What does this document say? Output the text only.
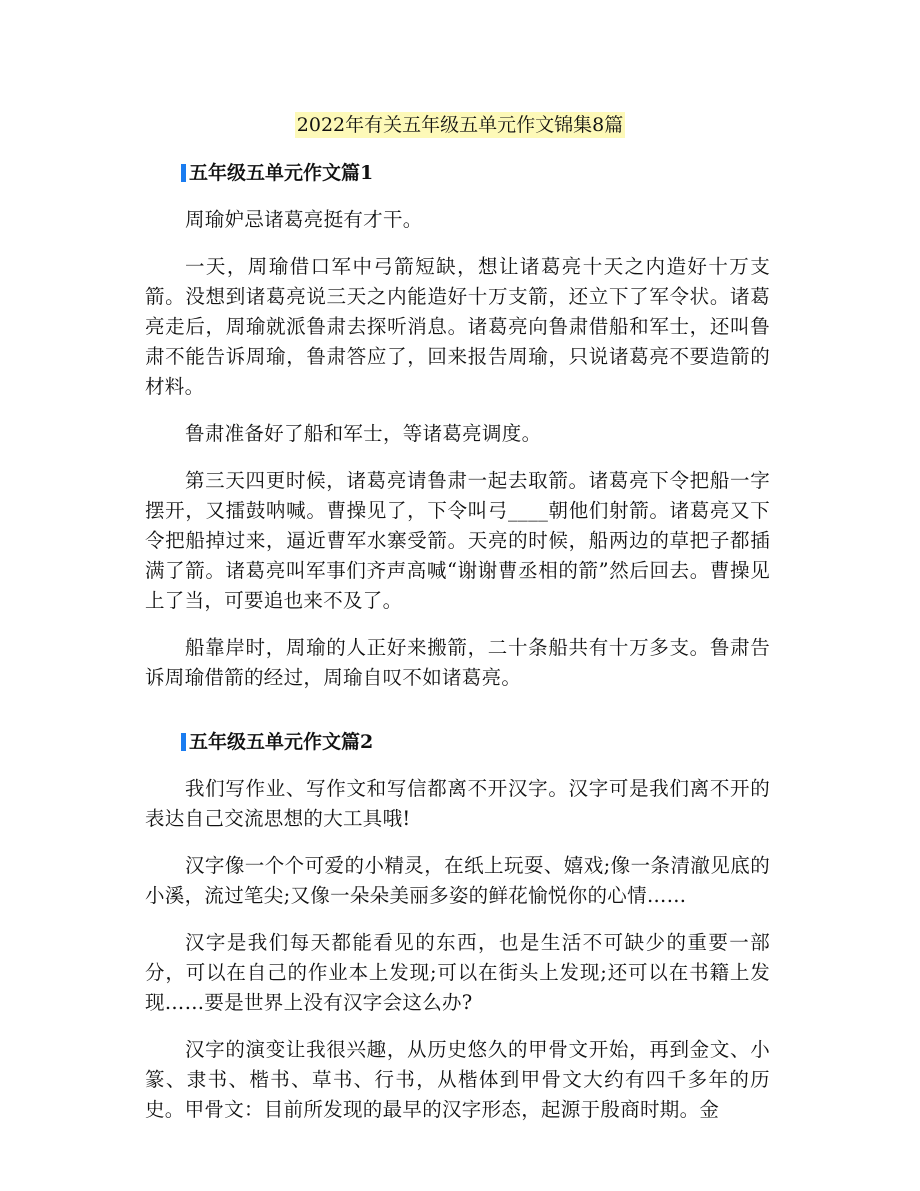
2022年有关五年级五单元作文锦集8篇
五年级五单元作文篇1

周瑜妒忌诸葛亮挺有才干。

一天，周瑜借口军中弓箭短缺，想让诸葛亮十天之内造好十万支箭。没想到诸葛亮说三天之内能造好十万支箭，还立下了军令状。诸葛亮走后，周瑜就派鲁肃去探听消息。诸葛亮向鲁肃借船和军士，还叫鲁肃不能告诉周瑜，鲁肃答应了，回来报告周瑜，只说诸葛亮不要造箭的材料。

鲁肃准备好了船和军士，等诸葛亮调度。

第三天四更时候，诸葛亮请鲁肃一起去取箭。诸葛亮下令把船一字摆开，又擂鼓呐喊。曹操见了，下令叫弓____朝他们射箭。诸葛亮又下令把船掉过来，逼近曹军水寨受箭。天亮的时候，船两边的草把子都插满了箭。诸葛亮叫军事们齐声高喊“谢谢曹丞相的箭”然后回去。曹操见上了当，可要追也来不及了。

船靠岸时，周瑜的人正好来搬箭，二十条船共有十万多支。鲁肃告诉周瑜借箭的经过，周瑜自叹不如诸葛亮。

五年级五单元作文篇2

我们写作业、写作文和写信都离不开汉字。汉字可是我们离不开的表达自己交流思想的大工具哦!

汉字像一个个可爱的小精灵，在纸上玩耍、嬉戏;像一条清澈见底的小溪，流过笔尖;又像一朵朵美丽多姿的鲜花愉悦你的心情……

汉字是我们每天都能看见的东西，也是生活不可缺少的重要一部分，可以在自己的作业本上发现;可以在街头上发现;还可以在书籍上发现……要是世界上没有汉字会这么办?

汉字的演变让我很兴趣，从历史悠久的甲骨文开始，再到金文、小篆、隶书、楷书、草书、行书，从楷体到甲骨文大约有四千多年的历史。甲骨文：目前所发现的最早的汉字形态，起源于殷商时期。金
